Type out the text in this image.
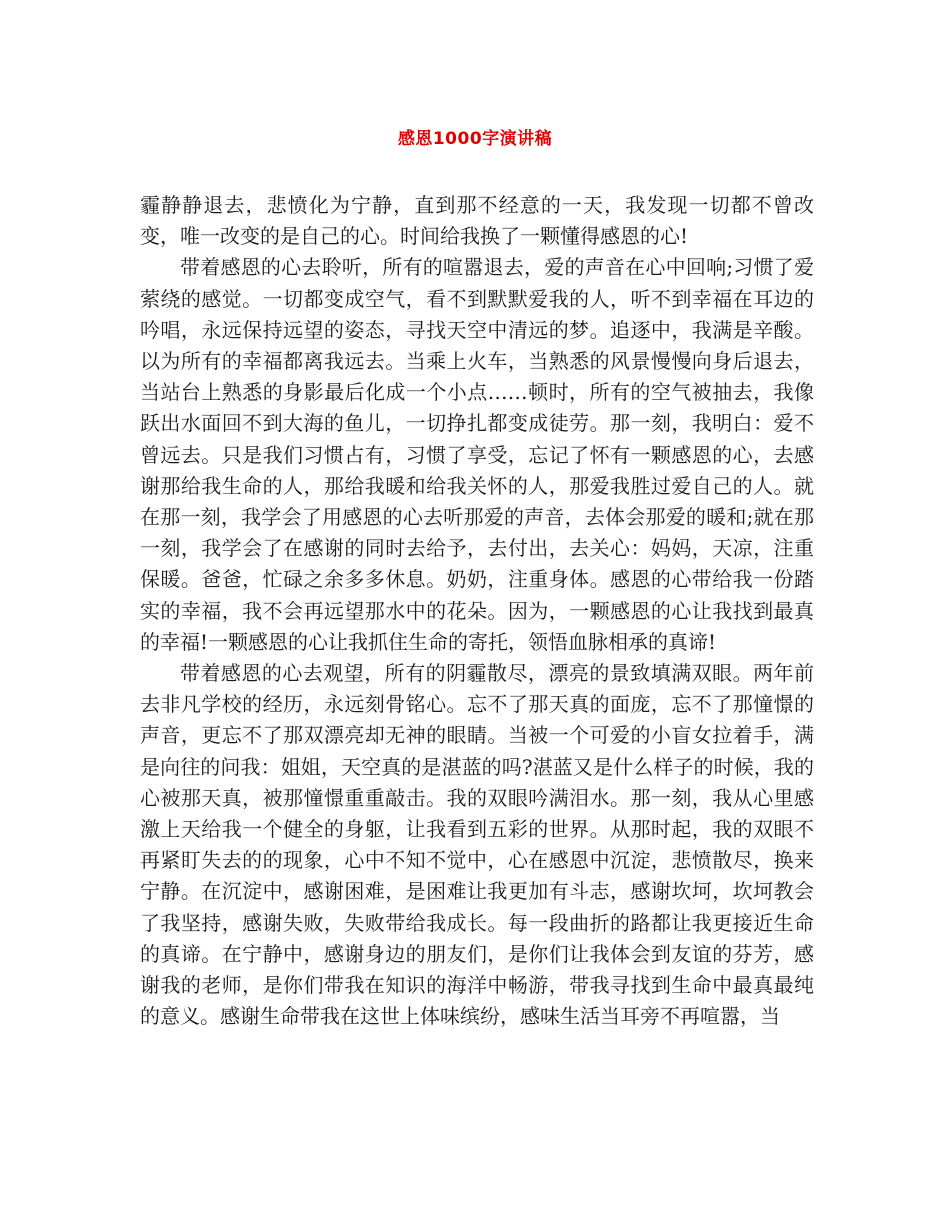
感恩1000字演讲稿

霾静静退去，悲愤化为宁静，直到那不经意的一天，我发现一切都不曾改变，唯一改变的是自己的心。时间给我换了一颗懂得感恩的心!

带着感恩的心去聆听，所有的喧嚣退去，爱的声音在心中回响;习惯了爱萦绕的感觉。一切都变成空气，看不到默默爱我的人，听不到幸福在耳边的吟唱，永远保持远望的姿态，寻找天空中清远的梦。追逐中，我满是辛酸。以为所有的幸福都离我远去。当乘上火车，当熟悉的风景慢慢向身后退去，当站台上熟悉的身影最后化成一个小点……顿时，所有的空气被抽去，我像跃出水面回不到大海的鱼儿，一切挣扎都变成徒劳。那一刻，我明白：爱不曾远去。只是我们习惯占有，习惯了享受，忘记了怀有一颗感恩的心，去感谢那给我生命的人，那给我暖和给我关怀的人，那爱我胜过爱自己的人。就在那一刻，我学会了用感恩的心去听那爱的声音，去体会那爱的暖和;就在那一刻，我学会了在感谢的同时去给予，去付出，去关心：妈妈，天凉，注重保暖。爸爸，忙碌之余多多休息。奶奶，注重身体。感恩的心带给我一份踏实的幸福，我不会再远望那水中的花朵。因为，一颗感恩的心让我找到最真的幸福!一颗感恩的心让我抓住生命的寄托，领悟血脉相承的真谛!

带着感恩的心去观望，所有的阴霾散尽，漂亮的景致填满双眼。两年前去非凡学校的经历，永远刻骨铭心。忘不了那天真的面庞，忘不了那憧憬的声音，更忘不了那双漂亮却无神的眼睛。当被一个可爱的小盲女拉着手，满是向往的问我：姐姐，天空真的是湛蓝的吗?湛蓝又是什么样子的时候，我的心被那天真，被那憧憬重重敲击。我的双眼吟满泪水。那一刻，我从心里感激上天给我一个健全的身躯，让我看到五彩的世界。从那时起，我的双眼不再紧盯失去的的现象，心中不知不觉中，心在感恩中沉淀，悲愤散尽，换来宁静。在沉淀中，感谢困难，是困难让我更加有斗志，感谢坎坷，坎坷教会了我坚持，感谢失败，失败带给我成长。每一段曲折的路都让我更接近生命的真谛。在宁静中，感谢身边的朋友们，是你们让我体会到友谊的芬芳，感 谢我的老师，是你们带我在知识的海洋中畅游，带我寻找到生命中最真最纯的意义。感谢生命带我在这世上体味缤纷，感味生活当耳旁不再喧嚣，当
